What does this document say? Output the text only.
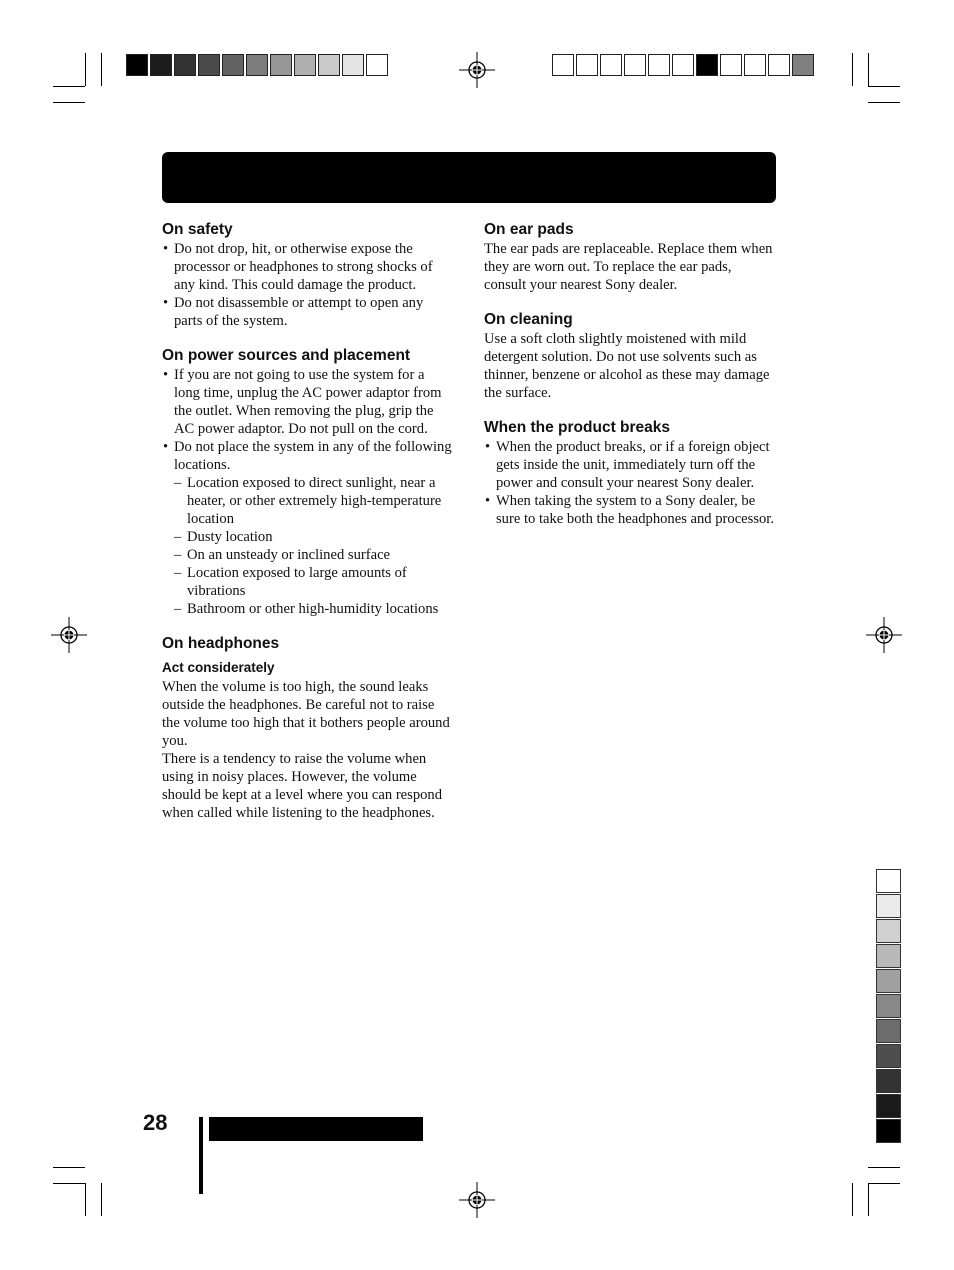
On safety
• Do not drop, hit, or otherwise expose the processor or headphones to strong shocks of any kind. This could damage the product.
• Do not disassemble or attempt to open any parts of the system.
On power sources and placement
• If you are not going to use the system for a long time, unplug the AC power adaptor from the outlet. When removing the plug, grip the AC power adaptor. Do not pull on the cord.
• Do not place the system in any of the following locations.
– Location exposed to direct sunlight, near a heater, or other extremely high-temperature location
– Dusty location
– On an unsteady or inclined surface
– Location exposed to large amounts of vibrations
– Bathroom or other high-humidity locations
On headphones
Act considerately

When the volume is too high, the sound leaks outside the headphones. Be careful not to raise the volume too high that it bothers people around you.

There is a tendency to raise the volume when using in noisy places. However, the volume should be kept at a level where you can respond when called while listening to the headphones.

On ear pads

The ear pads are replaceable. Replace them when they are worn out. To replace the ear pads, consult your nearest Sony dealer.

On cleaning

Use a soft cloth slightly moistened with mild detergent solution. Do not use solvents such as thinner, benzene or alcohol as these may damage the surface.

When the product breaks
• When the product breaks, or if a foreign object gets inside the unit, immediately turn off the power and consult your nearest Sony dealer.
• When taking the system to a Sony dealer, be sure to take both the headphones and processor.
28
